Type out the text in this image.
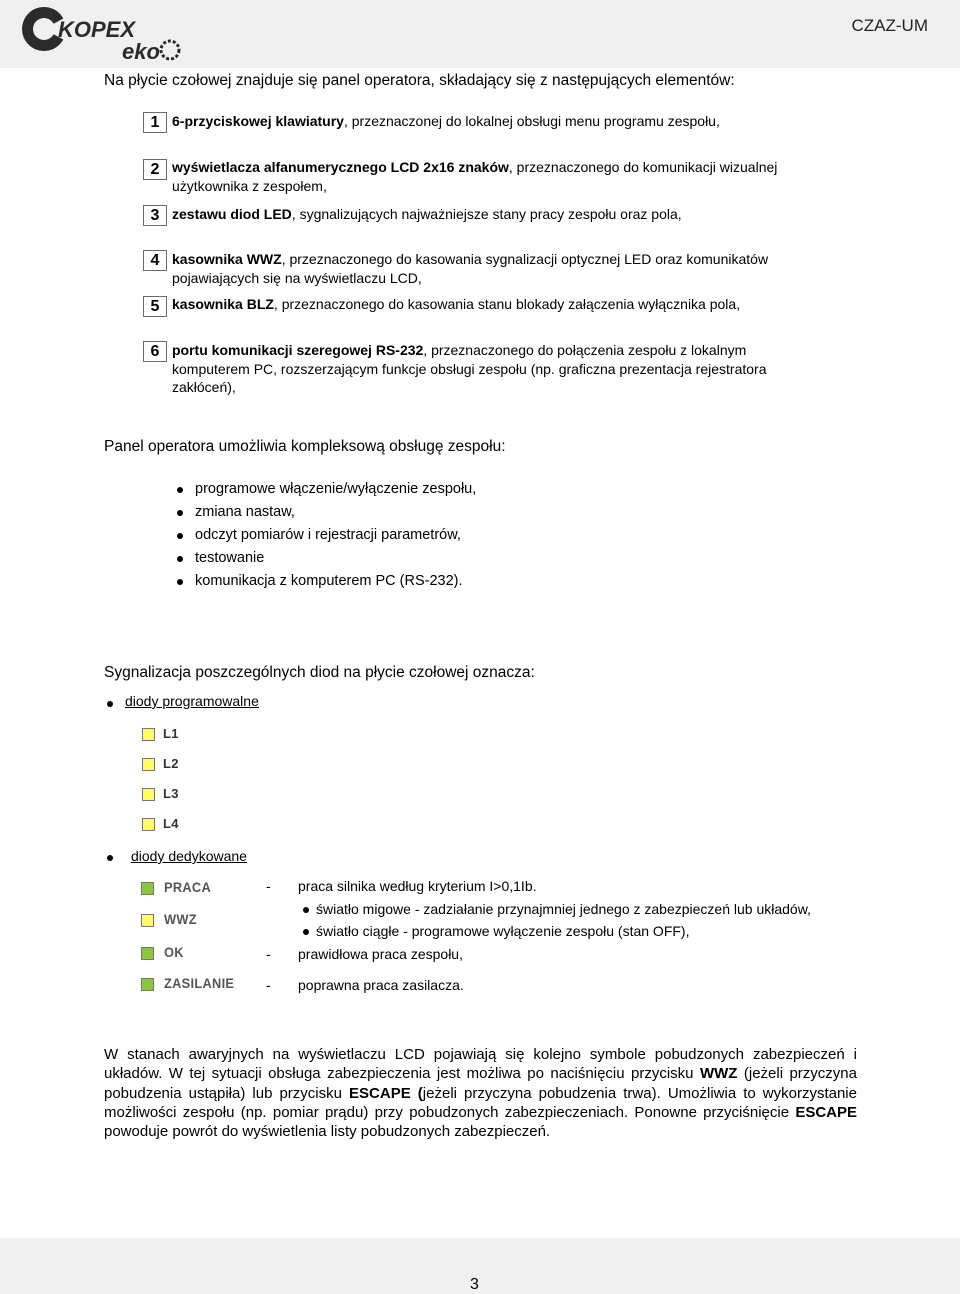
KOPEX
eko
CZAZ-UM
Na płycie czołowej znajduje się panel operatora, składający się z następujących elementów:
1 6-przyciskowej klawiatury, przeznaczonej do lokalnej obsługi menu programu zespołu,
2 wyświetlacza alfanumerycznego LCD 2x16 znaków, przeznaczonego do komunikacji wizualnej użytkownika z zespołem,
3 zestawu diod LED, sygnalizujących najważniejsze stany pracy zespołu oraz pola,
4 kasownika WWZ, przeznaczonego do kasowania sygnalizacji optycznej LED oraz komunikatów pojawiających się na wyświetlaczu LCD,
5 kasownika BLZ, przeznaczonego do kasowania stanu blokady załączenia wyłącznika pola,
6 portu komunikacji szeregowej RS-232, przeznaczonego do połączenia zespołu z lokalnym komputerem PC, rozszerzającym funkcje obsługi zespołu (np. graficzna prezentacja rejestratora zakłóceń),
Panel operatora umożliwia kompleksową obsługę zespołu:
programowe włączenie/wyłączenie zespołu,
zmiana nastaw,
odczyt pomiarów i rejestracji parametrów,
testowanie
komunikacja z komputerem PC (RS-232).
Sygnalizacja poszczególnych diod na płycie czołowej oznacza:
diody programowalne
L1
L2
L3
L4
diody dedykowane
PRACA	- praca silnika według kryterium I>0,1Ib.
światło migowe - zadziałanie przynajmniej jednego z zabezpieczeń lub układów,
WWZ
światło ciągłe - programowe wyłączenie zespołu (stan OFF),
OK	- prawidłowa praca zespołu,
ZASILANIE - poprawna praca zasilacza.
W stanach awaryjnych na wyświetlaczu LCD pojawiają się kolejno symbole pobudzonych zabezpieczeń i układów. W tej sytuacji obsługa zabezpieczenia jest możliwa po naciśnięciu przycisku WWZ (jeżeli przyczyna pobudzenia ustąpiła) lub przycisku ESCAPE (jeżeli przyczyna pobudzenia trwa). Umożliwia to wykorzystanie możliwości zespołu (np. pomiar prądu) przy pobudzonych zabezpieczeniach. Ponowne przyciśnięcie ESCAPE powoduje powrót do wyświetlenia listy pobudzonych zabezpieczeń.
3
